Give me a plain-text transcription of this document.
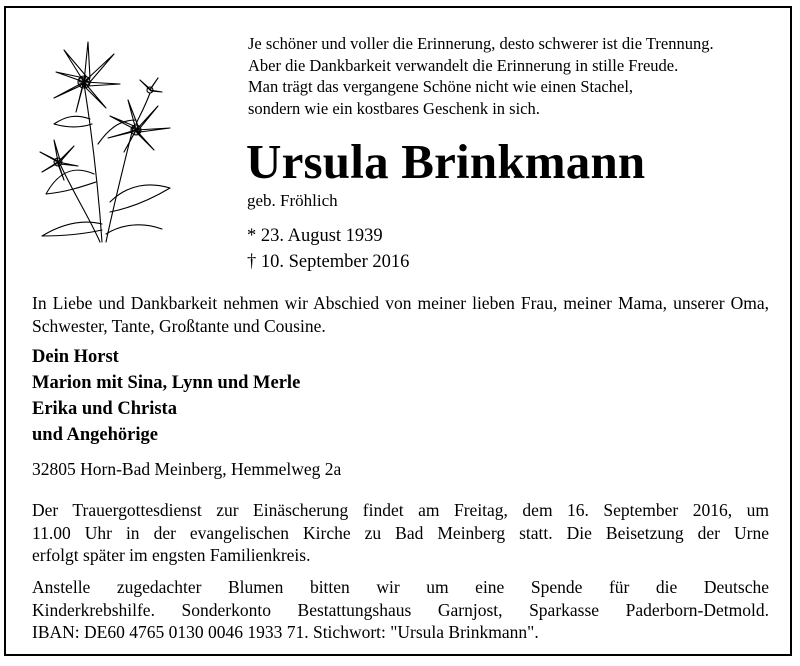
Je schöner und voller die Erinnerung, desto schwerer ist die Trennung.
Aber die Dankbarkeit verwandelt die Erinnerung in stille Freude.
Man trägt das vergangene Schöne nicht wie einen Stachel,
sondern wie ein kostbares Geschenk in sich.
Ursula Brinkmann
geb. Fröhlich
* 23. August 1939
† 10. September 2016
In Liebe und Dankbarkeit nehmen wir Abschied von meiner lieben Frau, meiner Mama, unserer Oma, Schwester, Tante, Großtante und Cousine.
Dein Horst
Marion mit Sina, Lynn und Merle
Erika und Christa
und Angehörige
32805 Horn-Bad Meinberg, Hemmelweg 2a
Der Trauergottesdienst zur Einäscherung findet am Freitag, dem 16. September 2016, um
11.00 Uhr in der evangelischen Kirche zu Bad Meinberg statt. Die Beisetzung der Urne
erfolgt später im engsten Familienkreis.
Anstelle zugedachter Blumen bitten wir um eine Spende für die Deutsche
Kinderkrebshilfe. Sonderkonto Bestattungshaus Garnjost, Sparkasse Paderborn-Detmold.
IBAN: DE60 4765 0130 0046 1933 71. Stichwort: "Ursula Brinkmann".
